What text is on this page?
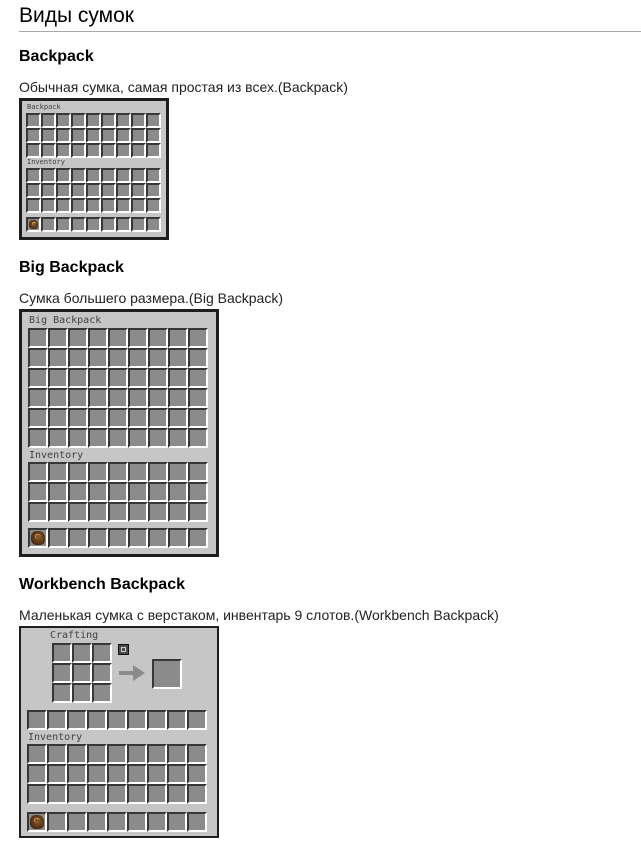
Виды сумок
Backpack
Обычная сумка, самая простая из всех.(Backpack)
Backpack
Inventory
Big Backpack
Сумка большего размера.(Big Backpack)
Big Backpack
Inventory
Workbench Backpack
Маленькая сумка с верстаком, инвентарь 9 слотов.(Workbench Backpack)
Crafting
Inventory
